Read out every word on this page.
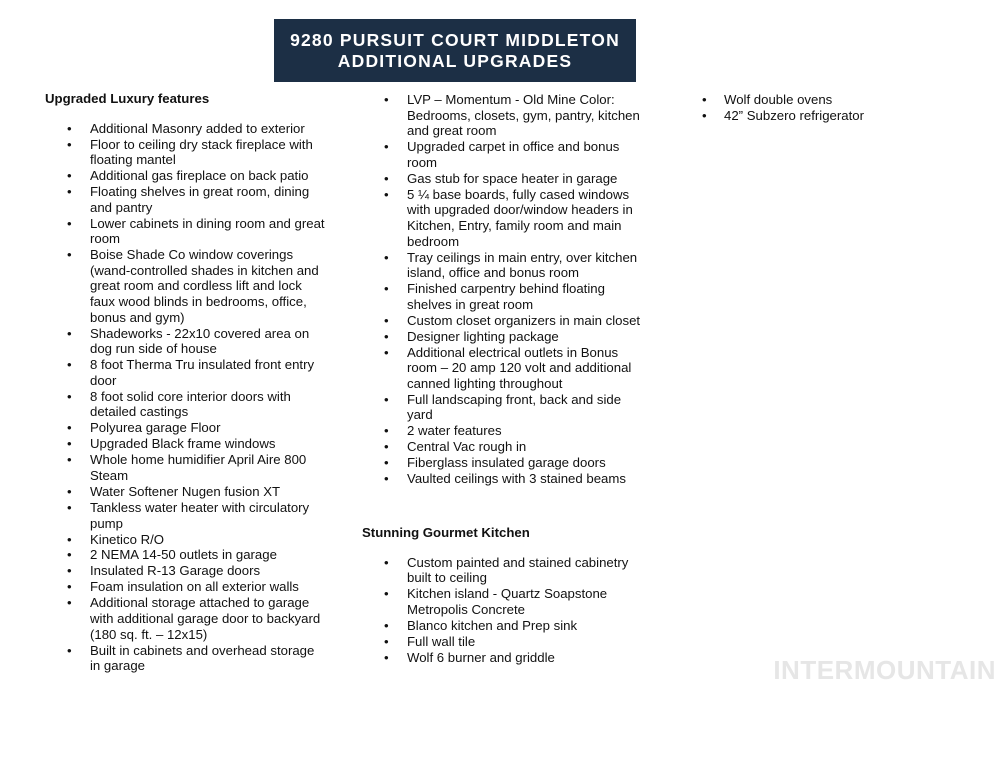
9280 PURSUIT COURT MIDDLETON
ADDITIONAL UPGRADES
Upgraded Luxury features
• Additional Masonry added to exterior
• Floor to ceiling dry stack fireplace with floating mantel
• Additional gas fireplace on back patio
• Floating shelves in great room, dining and pantry
• Lower cabinets in dining room and great room
• Boise Shade Co window coverings (wand-controlled shades in kitchen and great room and cordless lift and lock faux wood blinds in bedrooms, office, bonus and gym)
• Shadeworks - 22x10 covered area on dog run side of house
• 8 foot Therma Tru insulated front entry door
• 8 foot solid core interior doors with detailed castings
• Polyurea garage Floor
• Upgraded Black frame windows
• Whole home humidifier April Aire 800 Steam
• Water Softener Nugen fusion XT
• Tankless water heater with circulatory pump
• Kinetico R/O
• 2 NEMA 14-50 outlets in garage
• Insulated R-13 Garage doors
• Foam insulation on all exterior walls
• Additional storage attached to garage with additional garage door to backyard (180 sq. ft. – 12x15)
• Built in cabinets and overhead storage in garage
• LVP – Momentum - Old Mine Color: Bedrooms, closets, gym, pantry, kitchen and great room
• Upgraded carpet in office and bonus room
• Gas stub for space heater in garage
• 5 ¼ base boards, fully cased windows with upgraded door/window headers in Kitchen, Entry, family room and main bedroom
• Tray ceilings in main entry, over kitchen island, office and bonus room
• Finished carpentry behind floating shelves in great room
• Custom closet organizers in main closet
• Designer lighting package
• Additional electrical outlets in Bonus room – 20 amp 120 volt and additional canned lighting throughout
• Full landscaping front, back and side yard
• 2 water features
• Central Vac rough in
• Fiberglass insulated garage doors
• Vaulted ceilings with 3 stained beams
Stunning Gourmet Kitchen
• Custom painted and stained cabinetry built to ceiling
• Kitchen island - Quartz Soapstone Metropolis Concrete
• Blanco kitchen and Prep sink
• Full wall tile
• Wolf 6 burner and griddle
• Wolf double ovens
• 42” Subzero refrigerator
INTERMOUNTAIN
